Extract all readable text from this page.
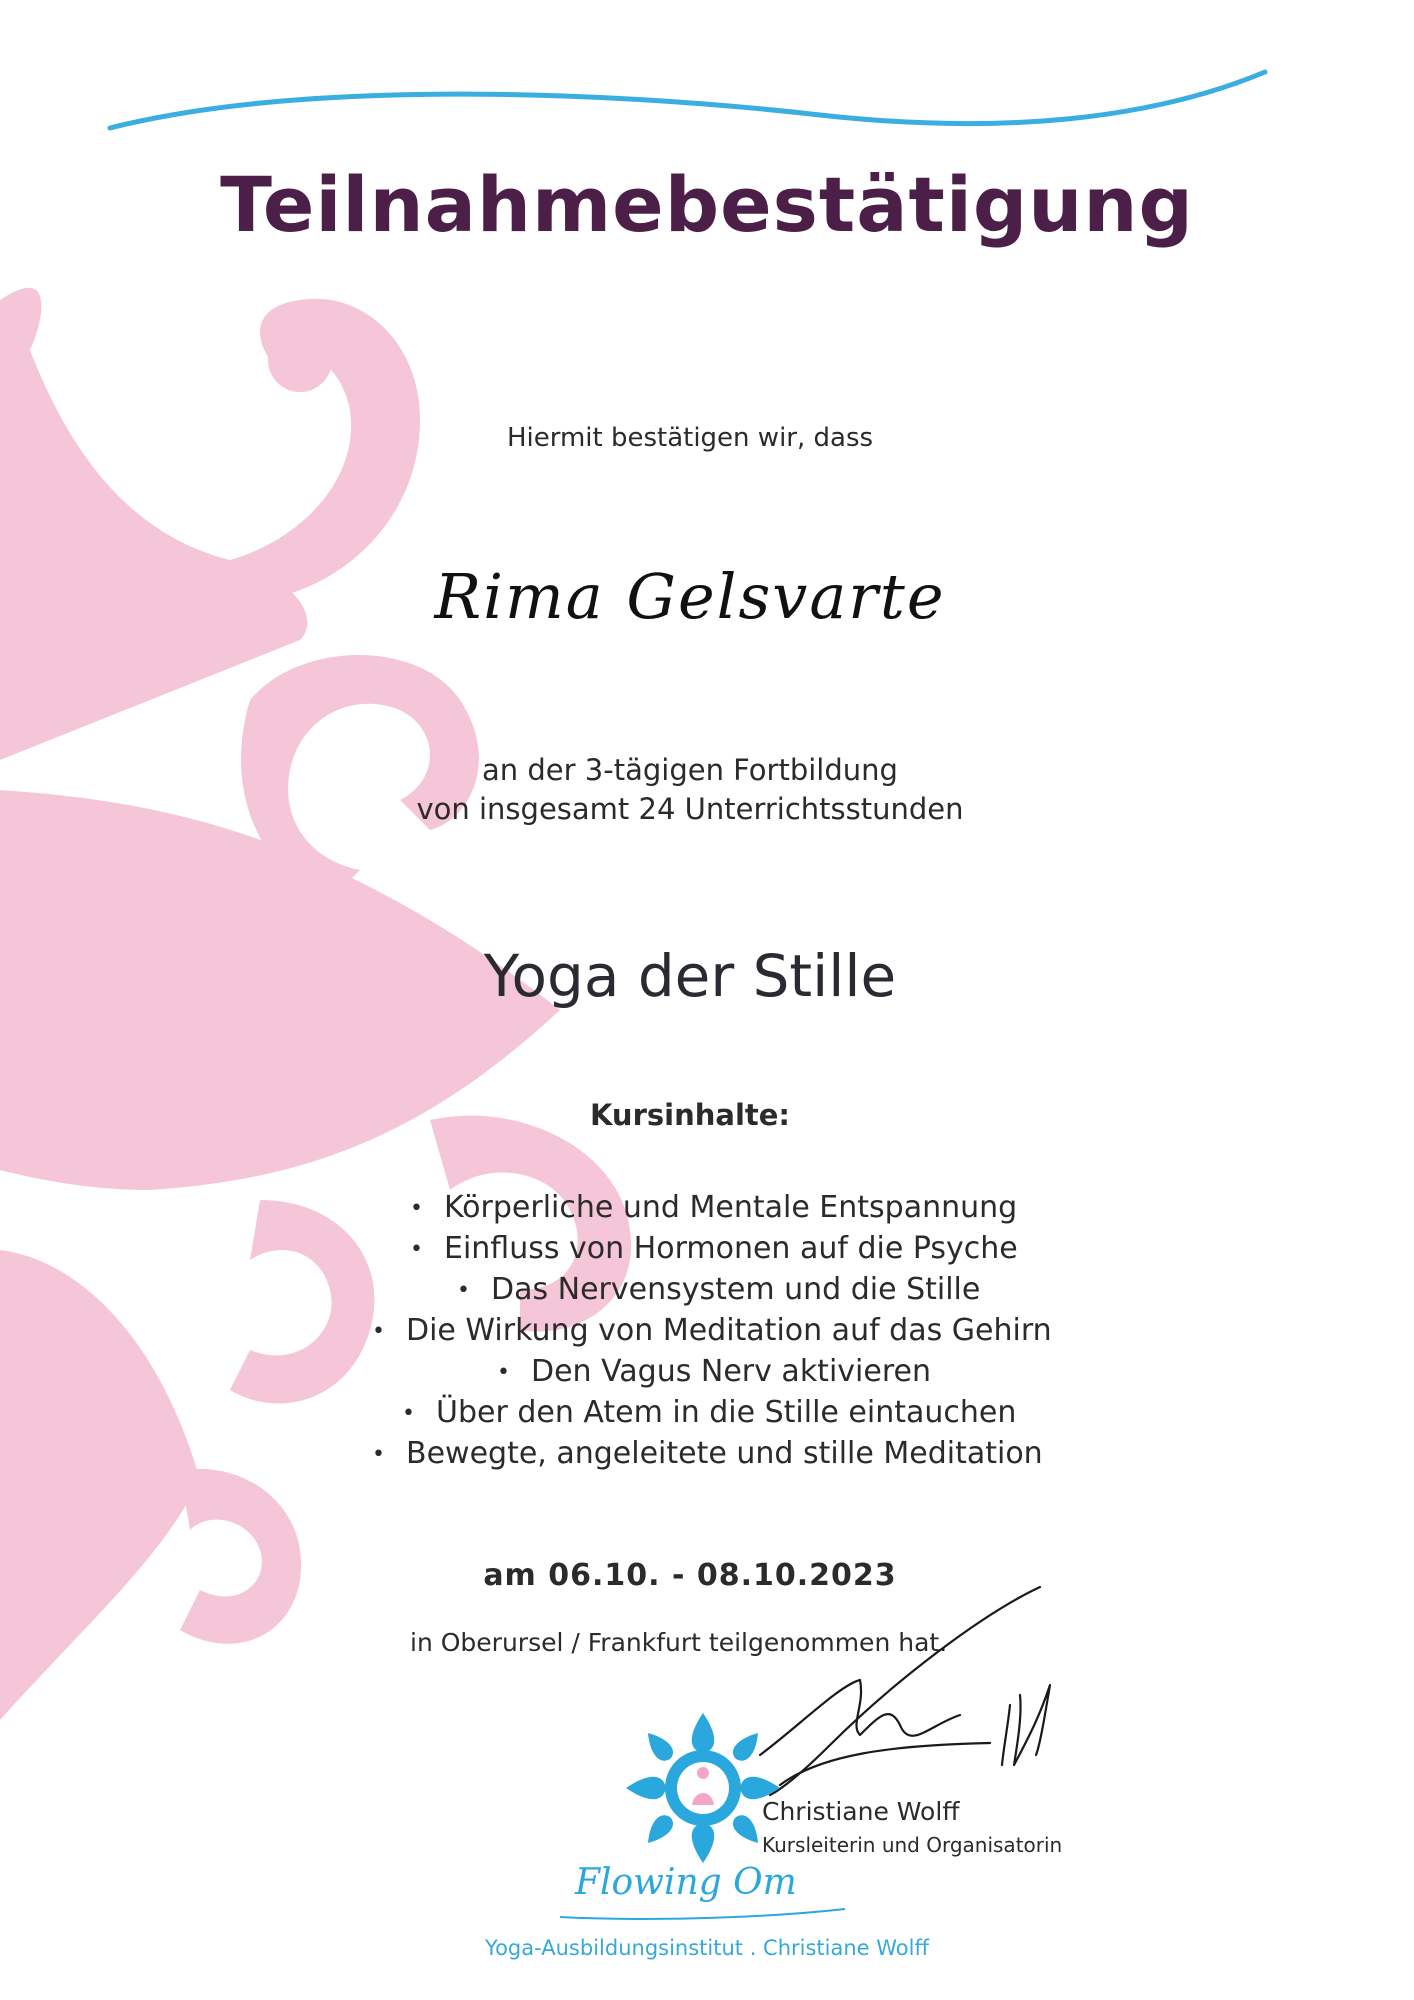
Teilnahmebestätigung
Hiermit bestätigen wir, dass
Rima Gelsvarte
an der 3-tägigen Fortbildung
von insgesamt 24 Unterrichtsstunden
Yoga der Stille
Kursinhalte:
• Körperliche und Mentale Entspannung
• Einfluss von Hormonen auf die Psyche
• Das Nervensystem und die Stille
• Die Wirkung von Meditation auf das Gehirn
• Den Vagus Nerv aktivieren
• Über den Atem in die Stille eintauchen
• Bewegte, angeleitete und stille Meditation
am 06.10. - 08.10.2023
in Oberursel / Frankfurt teilgenommen hat.
Christiane Wolff
Kursleiterin und Organisatorin
Flowing Om
Yoga-Ausbildungsinstitut . Christiane Wolff
